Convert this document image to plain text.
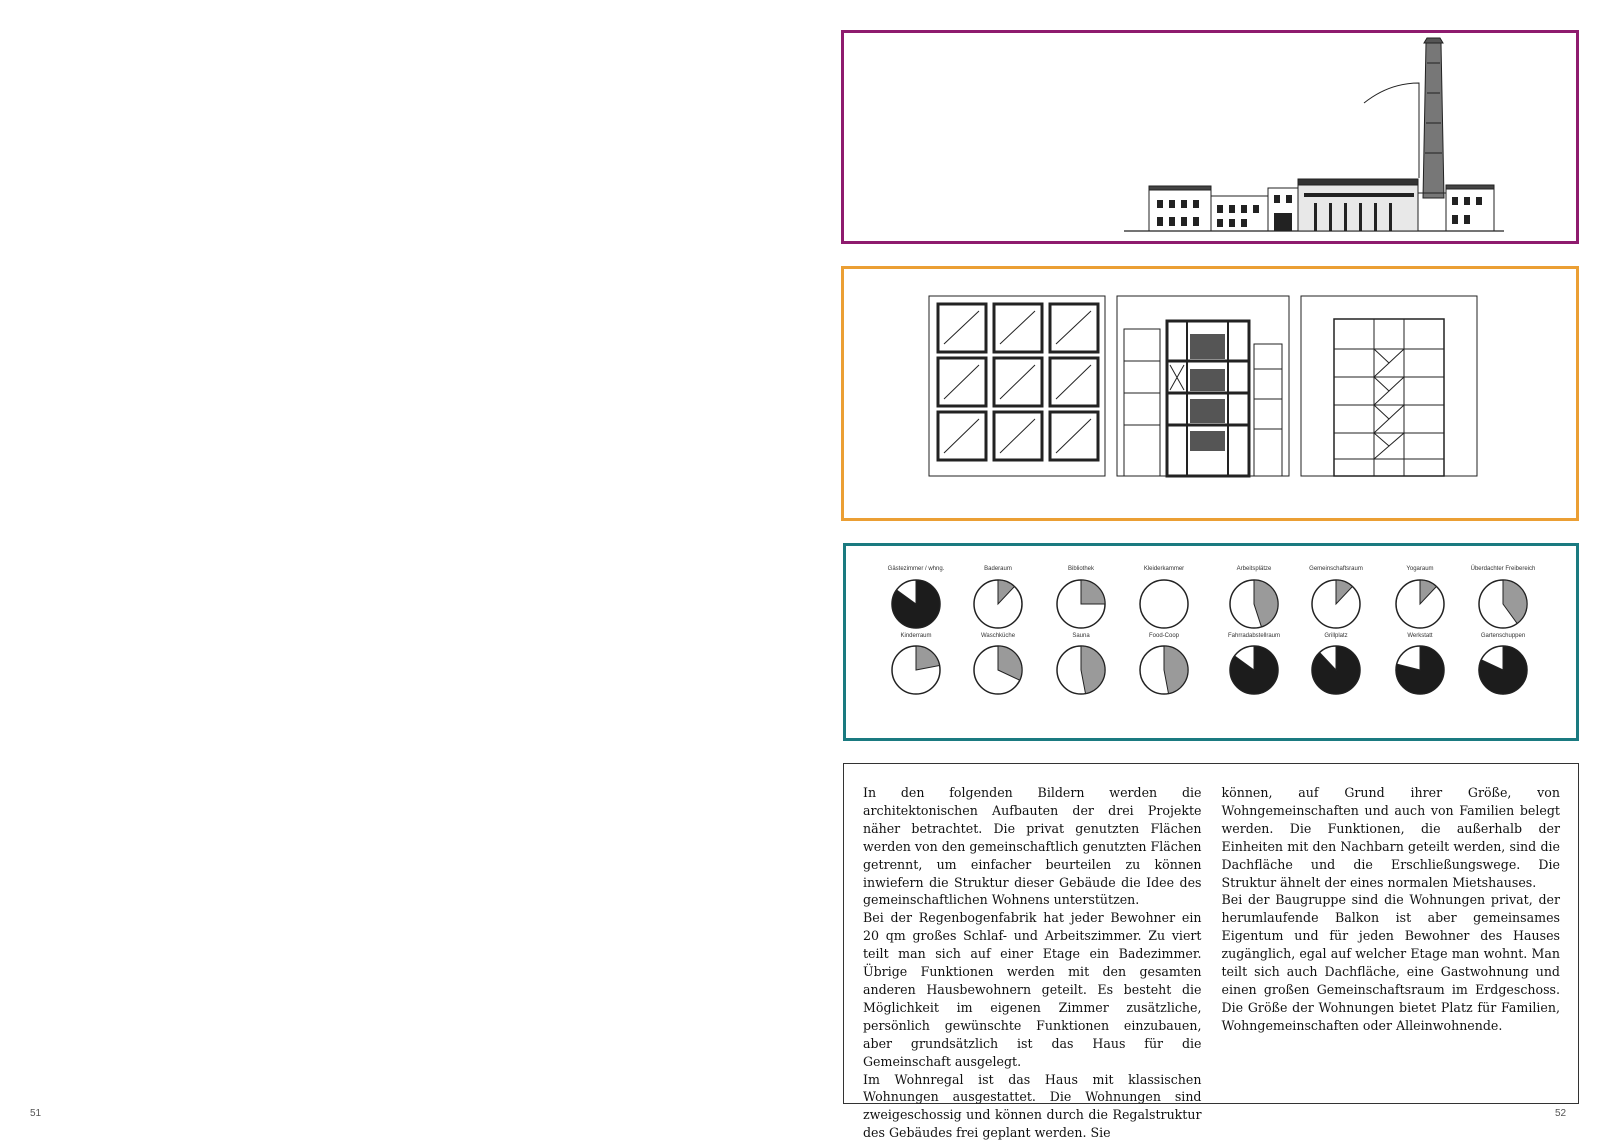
51	52
Gästezimmer / whng.	Baderaum	Bibliothek	Kleiderkammer	Arbeitsplätze	Gemeinschaftsraum	Yogaraum	Überdachter Freibereich
Kinderraum	Waschküche	Sauna	Food-Coop	Fahrradabstellraum	Grillplatz	Werkstatt	Gartenschuppen

In den folgenden Bildern werden die architektonischen Aufbauten der drei Projekte näher betrachtet. Die privat genutzten Flächen werden von den gemeinschaftlich genutzten Flächen getrennt, um einfacher beurteilen zu können inwiefern die Struktur dieser Gebäude die Idee des gemeinschaftlichen Wohnens unterstützen.

Bei der Regenbogenfabrik hat jeder Bewohner ein 20 qm großes Schlaf- und Arbeitszimmer. Zu viert teilt man sich auf einer Etage ein Badezimmer. Übrige Funktionen werden mit den gesamten anderen Hausbewohnern geteilt. Es besteht die Möglichkeit im eigenen Zimmer zusätzliche, persönlich gewünschte Funktionen einzubauen, aber grundsätzlich ist das Haus für die Gemeinschaft ausgelegt.

Im Wohnregal ist das Haus mit klassischen Wohnungen ausgestattet. Die Wohnungen sind zweigeschossig und können durch die Regalstruktur des Gebäudes frei geplant werden. Sie

können, auf Grund ihrer Größe, von Wohngemeinschaften und auch von Familien belegt werden. Die Funktionen, die außerhalb der Einheiten mit den Nachbarn geteilt werden, sind die Dachfläche und die Erschließungswege. Die Struktur ähnelt der eines normalen Mietshauses.

Bei der Baugruppe sind die Wohnungen privat, der herumlaufende Balkon ist aber gemeinsames Eigentum und für jeden Bewohner des Hauses zugänglich, egal auf welcher Etage man wohnt. Man teilt sich auch Dachfläche, eine Gastwohnung und einen großen Gemeinschaftsraum im Erdgeschoss. Die Größe der Wohnungen bietet Platz für Familien, Wohngemeinschaften oder Alleinwohnende.
